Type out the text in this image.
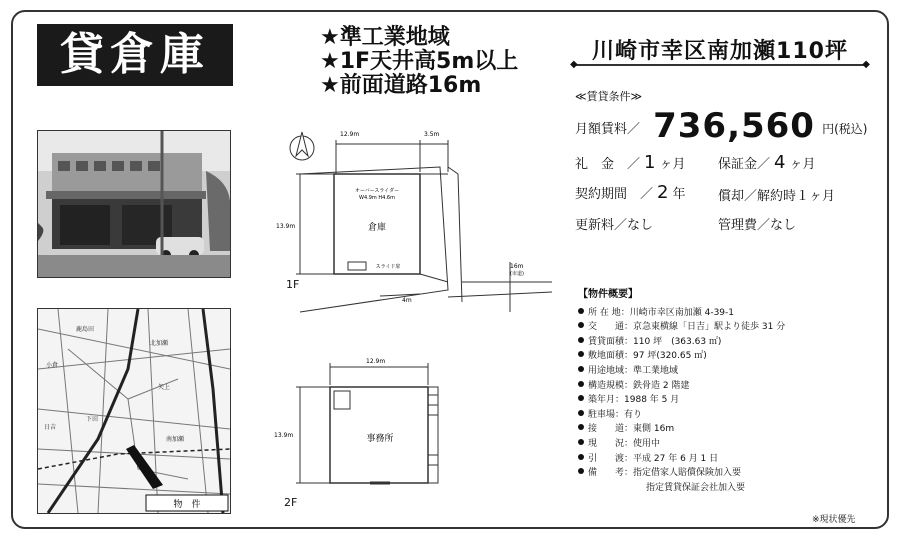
貸倉庫	★準工業地域
★1F天井高5m以上
★前面道路16m
川崎市幸区南加瀬110坪
◆	◆
≪賃貸条件≫
月額賃料／ 736,560 円(税込)
礼　金　／ 1 ヶ月	保証金／ 4 ヶ月
契約期間　／ 2 年	償却／解約時１ヶ月
更新料／なし	管理費／なし
鹿島田
北加瀬
日吉
小倉
矢上
下田
南加瀬
物　件
12.9m	3.5m
13.9m	倉庫
オーバースライダー
W4.9m H4.6m
スライド扉	16m
(市道)
4m
1F
12.9m
13.9m	事務所
2F
【物件概要】
所 在 地：川崎市幸区南加瀬 4-39-1
交　　通：京急東横線「日吉」駅より徒歩 31 分
賃貸面積：110 坪　(363.63 ㎡)
敷地面積：97 坪(320.65 ㎡)
用途地域：準工業地域
構造規模：鉄骨造 2 階建
築年月：1988 年 5 月
駐車場：有り
接　　道：東側 16m
現　　況：使用中
引　　渡：平成 27 年 6 月 1 日
備　　考：指定借家人賠償保険加入要
指定賃貸保証会社加入要
※現状優先
